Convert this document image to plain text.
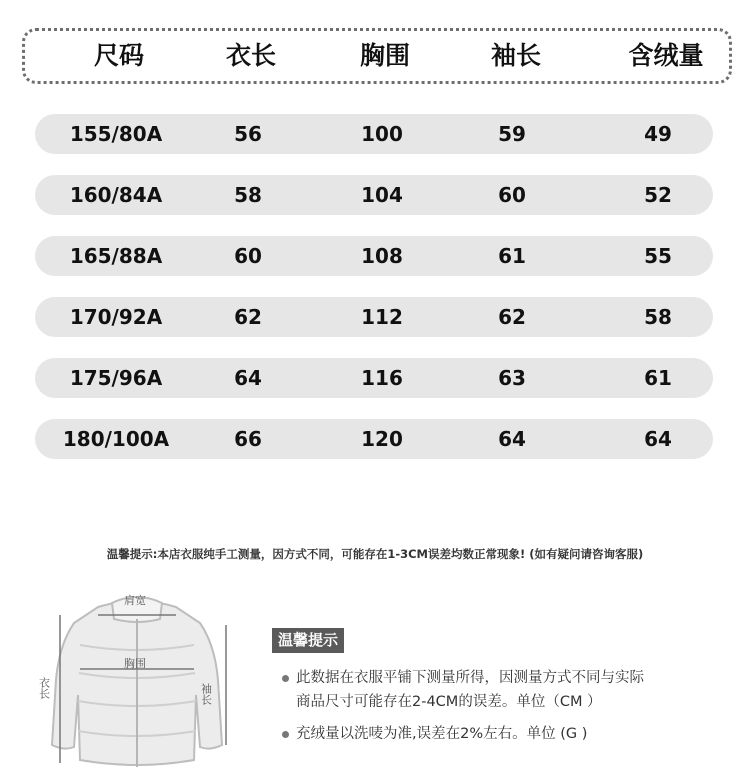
尺码	衣长	胸围	袖长	含绒量
155/80A	56	100	59	49
160/84A	58	104	60	52
165/88A	60	108	61	55
170/92A	62	112	62	58
175/96A	64	116	63	61
180/100A	66	120	64	64
温馨提示:本店衣服纯手工测量，因方式不同，可能存在1-3CM误差均数正常现象! (如有疑问请咨询客服)
肩宽
胸围
衣长	袖长
温馨提示
此数据在衣服平铺下测量所得，因测量方式不同与实际
商品尺寸可能存在2-4CM的误差。单位（CM ）
充绒量以洗唛为准,误差在2%左右。单位 (G )
